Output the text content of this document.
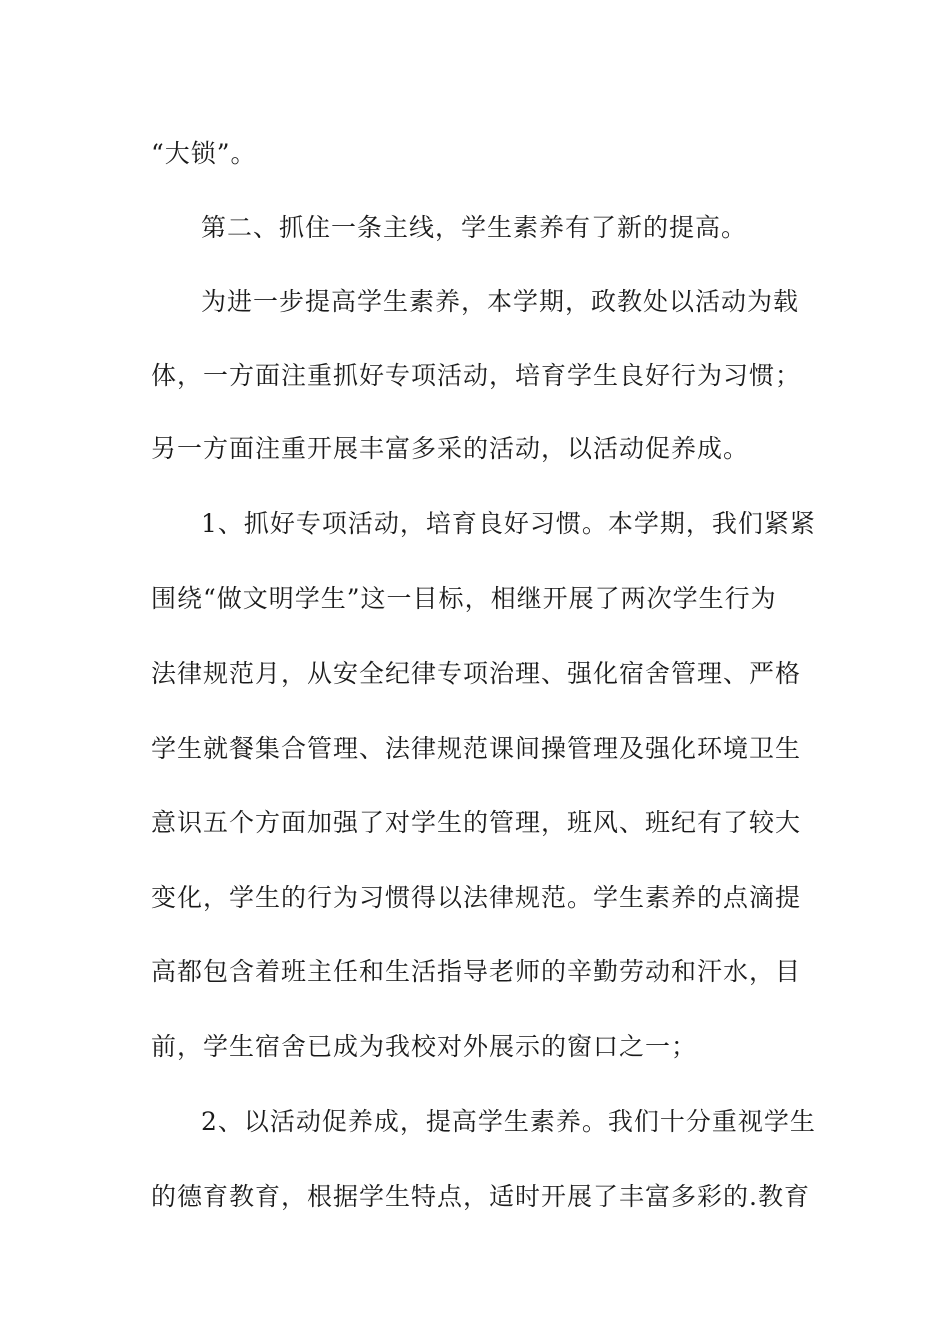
“大锁”。
第二、抓住一条主线，学生素养有了新的提高。
为进一步提高学生素养，本学期，政教处以活动为载
体，一方面注重抓好专项活动，培育学生良好行为习惯；
另一方面注重开展丰富多采的活动，以活动促养成。
1、抓好专项活动，培育良好习惯。本学期，我们紧紧
围绕“做文明学生”这一目标，相继开展了两次学生行为
法律规范月，从安全纪律专项治理、强化宿舍管理、严格
学生就餐集合管理、法律规范课间操管理及强化环境卫生
意识五个方面加强了对学生的管理，班风、班纪有了较大
变化，学生的行为习惯得以法律规范。学生素养的点滴提
高都包含着班主任和生活指导老师的辛勤劳动和汗水，目
前，学生宿舍已成为我校对外展示的窗口之一；
2、以活动促养成，提高学生素养。我们十分重视学生
的德育教育，根据学生特点，适时开展了丰富多彩的.教育
